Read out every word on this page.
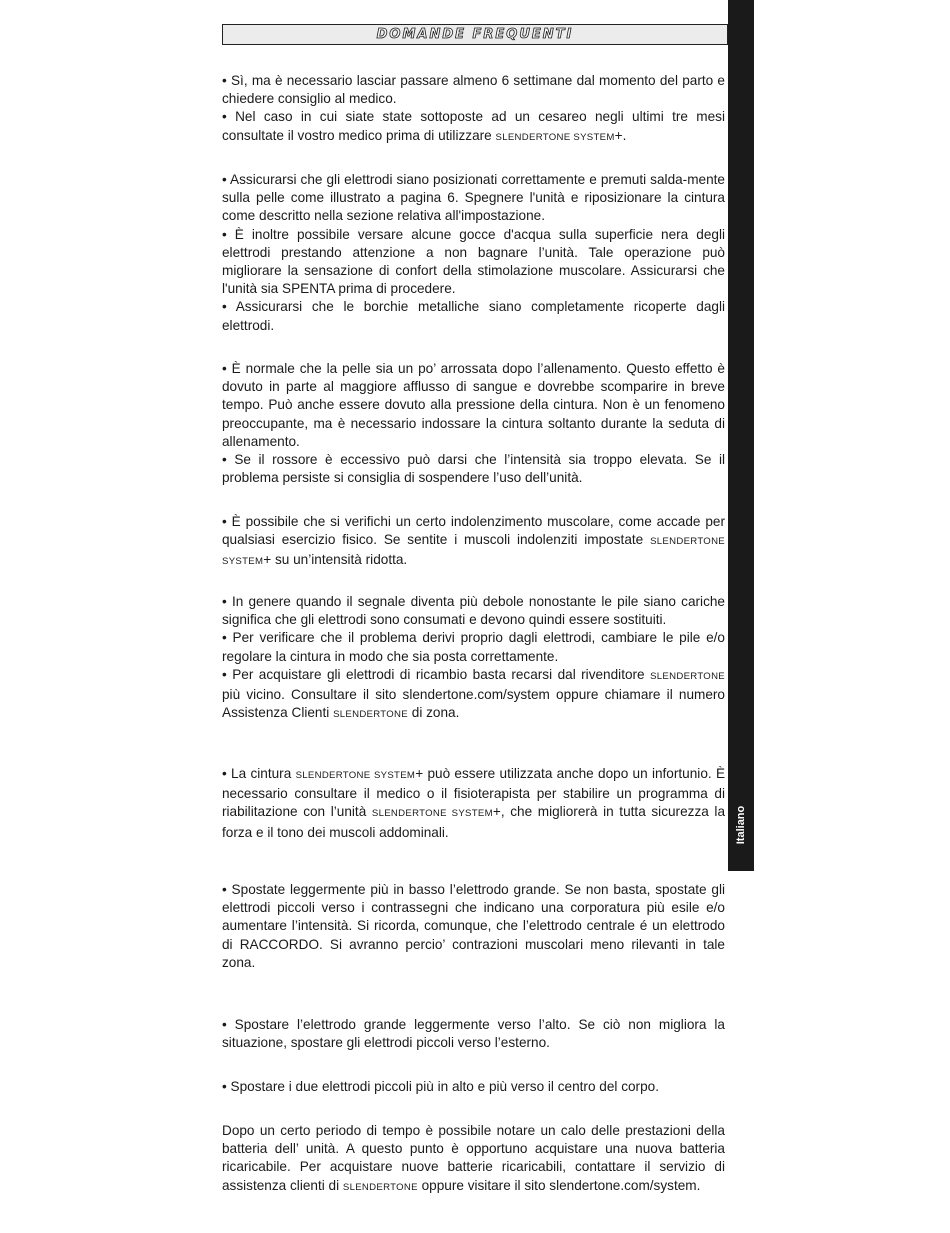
DOMANDE FREQUENTI
Italiano

• Sì, ma è necessario lasciar passare almeno 6 settimane dal momento del parto e chiedere consiglio al medico.

• Nel caso in cui siate state sottoposte ad un cesareo negli ultimi tre mesi consultate il vostro medico prima di utilizzare SLENDERTONE SYSTEM+.

• Assicurarsi che gli elettrodi siano posizionati correttamente e premuti salda-mente sulla pelle come illustrato a pagina 6. Spegnere l'unità e riposizionare la cintura come descritto nella sezione relativa all'impostazione.

• È inoltre possibile versare alcune gocce d'acqua sulla superficie nera degli elettrodi prestando attenzione a non bagnare l’unità. Tale operazione può migliorare la sensazione di confort della stimolazione muscolare. Assicurarsi che l'unità sia SPENTA prima di procedere.

• Assicurarsi che le borchie metalliche siano completamente ricoperte dagli elettrodi.

• È normale che la pelle sia un po’ arrossata dopo l’allenamento. Questo effetto è dovuto in parte al maggiore afflusso di sangue e dovrebbe scomparire in breve tempo. Può anche essere dovuto alla pressione della cintura. Non è un fenomeno preoccupante, ma è necessario indossare la cintura soltanto durante la seduta di allenamento.

• Se il rossore è eccessivo può darsi che l’intensità sia troppo elevata. Se il problema persiste si consiglia di sospendere l’uso dell’unità.

• È possibile che si verifichi un certo indolenzimento muscolare, come accade per qualsiasi esercizio fisico. Se sentite i muscoli indolenziti impostate SLENDERTONE SYSTEM+ su un’intensità ridotta.

• In genere quando il segnale diventa più debole nonostante le pile siano cariche significa che gli elettrodi sono consumati e devono quindi essere sostituiti.

• Per verificare che il problema derivi proprio dagli elettrodi, cambiare le pile e/o regolare la cintura in modo che sia posta correttamente.

• Per acquistare gli elettrodi di ricambio basta recarsi dal rivenditore SLENDERTONE più vicino. Consultare il sito slendertone.com/system oppure chiamare il numero Assistenza Clienti SLENDERTONE di zona.

• La cintura SLENDERTONE SYSTEM+ può essere utilizzata anche dopo un infortunio. È necessario consultare il medico o il fisioterapista per stabilire un programma di riabilitazione con l’unità SLENDERTONE SYSTEM+, che migliorerà in tutta sicurezza la forza e il tono dei muscoli addominali.

• Spostate leggermente più in basso l’elettrodo grande. Se non basta, spostate gli elettrodi piccoli verso i contrassegni che indicano una corporatura più esile e/o aumentare l’intensità. Si ricorda, comunque, che l’elettrodo centrale é un elettrodo di RACCORDO. Si avranno percio’ contrazioni muscolari meno rilevanti in tale zona.

• Spostare l’elettrodo grande leggermente verso l’alto. Se ciò non migliora la situazione, spostare gli elettrodi piccoli verso l’esterno.

• Spostare i due elettrodi piccoli più in alto e più verso il centro del corpo.

Dopo un certo periodo di tempo è possibile notare un calo delle prestazioni della batteria dell’ unità. A questo punto è opportuno acquistare una nuova batteria ricaricabile. Per acquistare nuove batterie ricaricabili, contattare il servizio di assistenza clienti di SLENDERTONE oppure visitare il sito slendertone.com/system.
